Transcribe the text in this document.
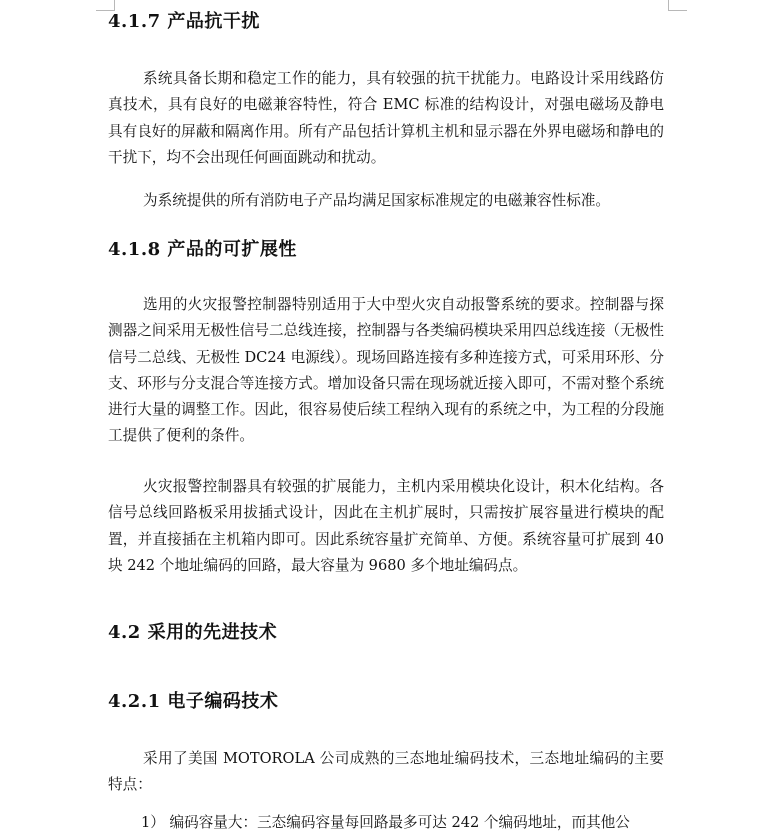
4.1.7 产品抗干扰

系统具备长期和稳定工作的能力，具有较强的抗干扰能力。电路设计采用线路仿真技术，具有良好的电磁兼容特性，符合 EMC 标准的结构设计，对强电磁场及静电具有良好的屏蔽和隔离作用。所有产品包括计算机主机和显示器在外界电磁场和静电的干扰下，均不会出现任何画面跳动和扰动。

为系统提供的所有消防电子产品均满足国家标准规定的电磁兼容性标准。

4.1.8 产品的可扩展性

选用的火灾报警控制器特别适用于大中型火灾自动报警系统的要求。控制器与探测器之间采用无极性信号二总线连接，控制器与各类编码模块采用四总线连接（无极性信号二总线、无极性 DC24 电源线）。现场回路连接有多种连接方式，可采用环形、分支、环形与分支混合等连接方式。增加设备只需在现场就近接入即可，不需对整个系统进行大量的调整工作。因此，很容易使后续工程纳入现有的系统之中，为工程的分段施工提供了便利的条件。

火灾报警控制器具有较强的扩展能力，主机内采用模块化设计，积木化结构。各信号总线回路板采用拔插式设计，因此在主机扩展时，只需按扩展容量进行模块的配置，并直接插在主机箱内即可。因此系统容量扩充简单、方便。系统容量可扩展到 40 块 242 个地址编码的回路，最大容量为 9680 多个地址编码点。

4.2 采用的先进技术
4.2.1 电子编码技术

采用了美国 MOTOROLA 公司成熟的三态地址编码技术，三态地址编码的主要特点：

1） 编码容量大：三态编码容量每回路最多可达 242 个编码地址，而其他公
